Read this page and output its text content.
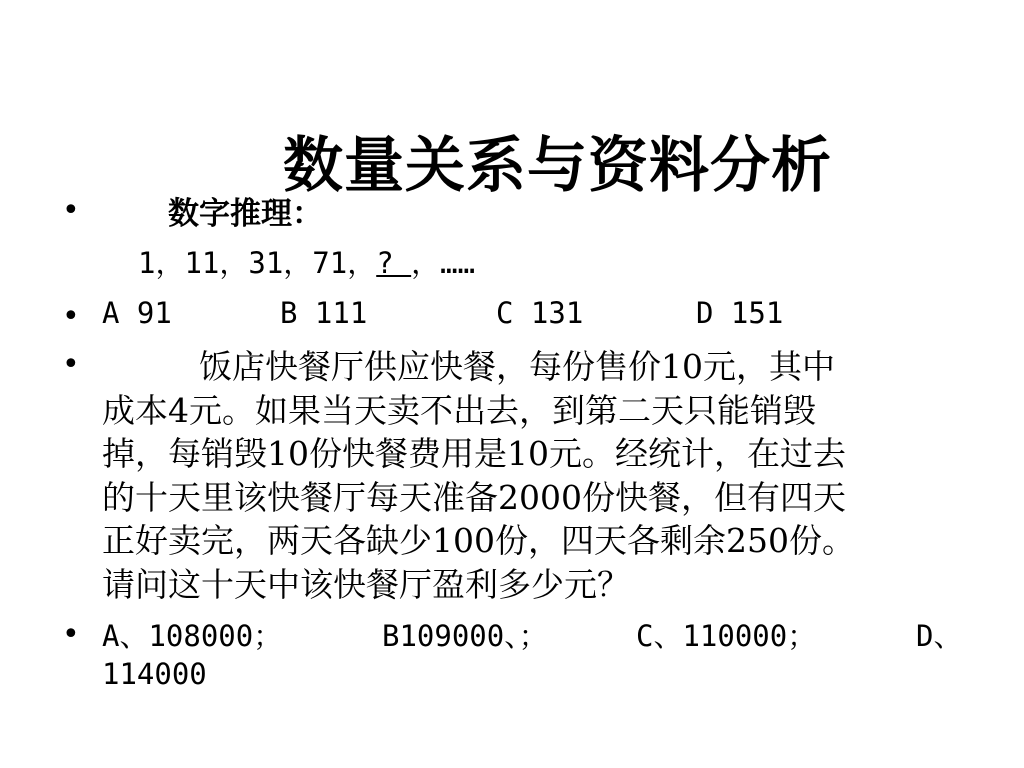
数量关系与资料分析
•	数字推理：
1，11，31，71，? ，……
• A 91	B 111	C 131	D 151
•	饭店快餐厅供应快餐，每份售价10元，其中
成本4元。如果当天卖不出去，到第二天只能销毁
掉，每销毁10份快餐费用是10元。经统计，在过去
的十天里该快餐厅每天准备2000份快餐，但有四天
正好卖完，两天各缺少100份，四天各剩余250份。
请问这十天中该快餐厅盈利多少元？
• A、108000；	B109000、；	C、110000；	D、
114000
